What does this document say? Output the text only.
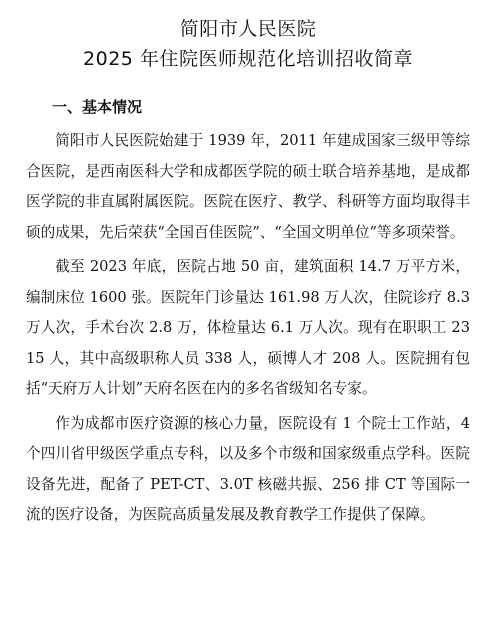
简阳市人民医院
2025 年住院医师规范化培训招收简章
一、基本情况

简阳市人民医院始建于 1939 年，2011 年建成国家三级甲等综合医院，是西南医科大学和成都医学院的硕士联合培养基地，是成都医学院的非直属附属医院。医院在医疗、教学、科研等方面均取得丰硕的成果，先后荣获“全国百佳医院”、“全国文明单位”等多项荣誉。

截至 2023 年底，医院占地 50 亩，建筑面积 14.7 万平方米，编制床位 1600 张。医院年门诊量达 161.98 万人次，住院诊疗 8.3 万人次，手术台次 2.8 万，体检量达 6.1 万人次。现有在职职工 2315 人，其中高级职称人员 338 人，硕博人才 208 人。医院拥有包括“天府万人计划”天府名医在内的多名省级知名专家。

作为成都市医疗资源的核心力量，医院设有 1 个院士工作站，4 个四川省甲级医学重点专科，以及多个市级和国家级重点学科。医院设备先进，配备了 PET-CT、3.0T 核磁共振、256 排 CT 等国际一流的医疗设备，为医院高质量发展及教育教学工作提供了保障。
